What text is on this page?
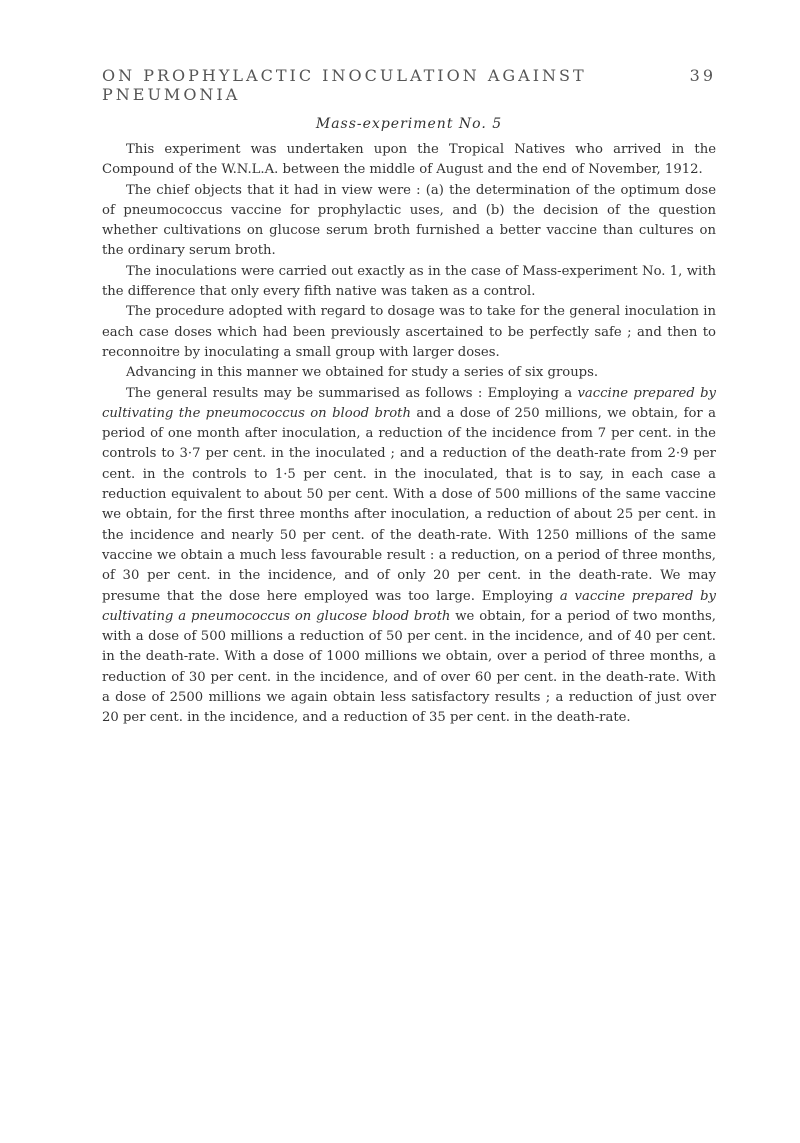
ON PROPHYLACTIC INOCULATION AGAINST PNEUMONIA
39
Mass-experiment No. 5

This experiment was undertaken upon the Tropical Natives who arrived in the Compound of the W.N.L.A. between the middle of August and the end of November, 1912.

The chief objects that it had in view were : (a) the determination of the optimum dose of pneumococcus vaccine for prophylactic uses, and (b) the decision of the question whether cultivations on glucose serum broth furnished a better vaccine than cultures on the ordinary serum broth.

The inoculations were carried out exactly as in the case of Mass-experiment No. 1, with the difference that only every fifth native was taken as a control.

The procedure adopted with regard to dosage was to take for the general inoculation in each case doses which had been previously ascertained to be perfectly safe ; and then to reconnoitre by inoculating a small group with larger doses.

Advancing in this manner we obtained for study a series of six groups.

The general results may be summarised as follows : Employing a vaccine prepared by cultivating the pneumococcus on blood broth and a dose of 250 millions, we obtain, for a period of one month after inoculation, a reduction of the incidence from 7 per cent. in the controls to 3·7 per cent. in the inoculated ; and a reduction of the death-rate from 2·9 per cent. in the controls to 1·5 per cent. in the inoculated, that is to say, in each case a reduction equivalent to about 50 per cent. With a dose of 500 millions of the same vaccine we obtain, for the first three months after inoculation, a reduction of about 25 per cent. in the incidence and nearly 50 per cent. of the death-rate. With 1250 millions of the same vaccine we obtain a much less favourable result : a reduction, on a period of three months, of 30 per cent. in the incidence, and of only 20 per cent. in the death-rate. We may presume that the dose here employed was too large. Employing a vaccine prepared by cultivating a pneumococcus on glucose blood broth we obtain, for a period of two months, with a dose of 500 millions a reduction of 50 per cent. in the incidence, and of 40 per cent. in the death-rate. With a dose of 1000 millions we obtain, over a period of three months, a reduction of 30 per cent. in the incidence, and of over 60 per cent. in the death-rate. With a dose of 2500 millions we again obtain less satisfactory results ; a reduction of just over 20 per cent. in the incidence, and a reduction of 35 per cent. in the death-rate.
